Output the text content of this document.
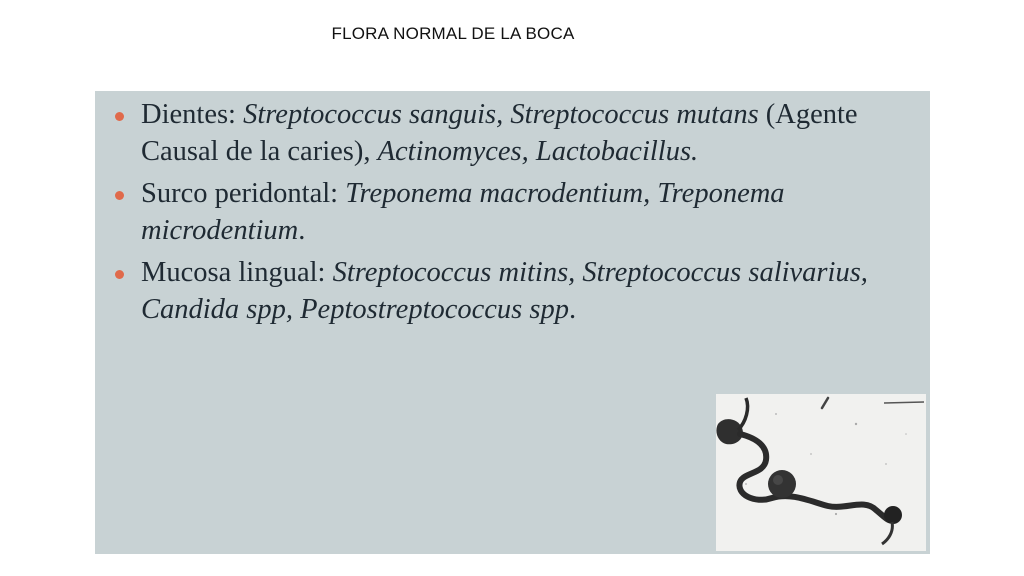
FLORA NORMAL DE LA BOCA
Dientes: Streptococcus sanguis, Streptococcus mutans (Agente Causal de la caries), Actinomyces, Lactobacillus.
Surco peridontal: Treponema macrodentium, Treponema microdentium.
Mucosa lingual: Streptococcus mitins, Streptococcus salivarius, Candida spp, Peptostreptococcus spp.
